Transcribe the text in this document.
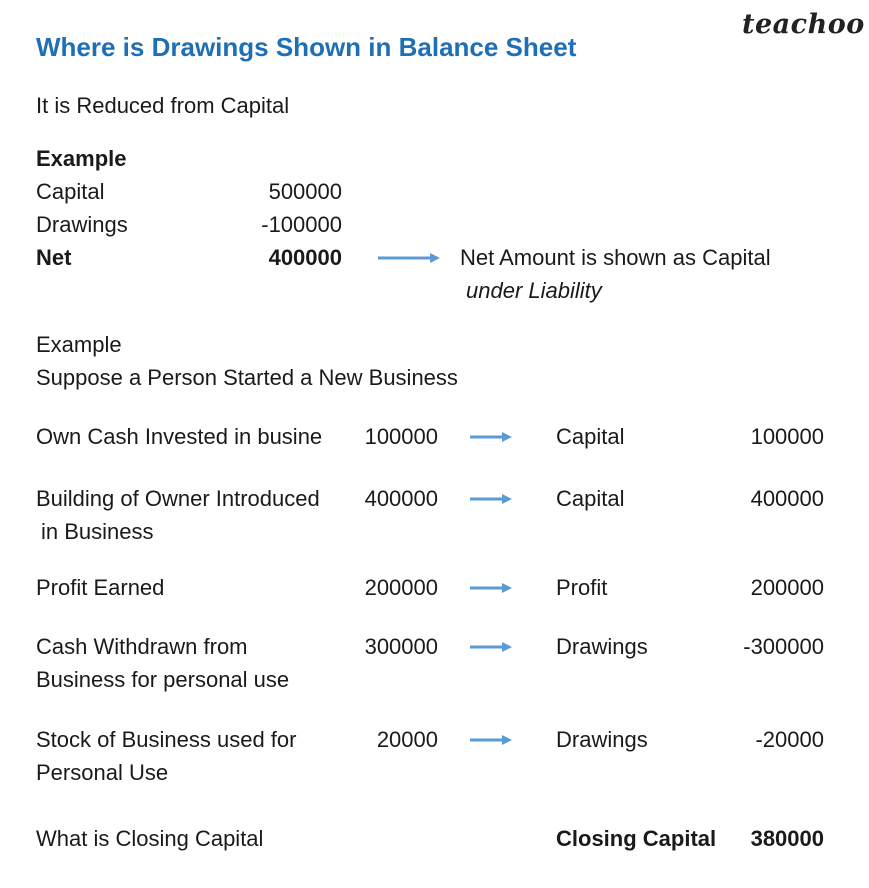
Where is Drawings Shown in Balance Sheet
teachoo
It is Reduced from Capital
Example
Capital	500000
Drawings	-100000
Net	400000	Net Amount is shown as Capital
under Liability
Example
Suppose a Person Started a New Business
Own Cash Invested in busine	100000	Capital	100000
Building of Owner Introduced
in Business
400000	Capital	400000
Profit Earned	200000	Profit	200000
Cash Withdrawn from
Business for personal use
300000	Drawings	-300000
Stock of Business used for
Personal Use
20000	Drawings	-20000
What is Closing Capital	Closing Capital	380000
